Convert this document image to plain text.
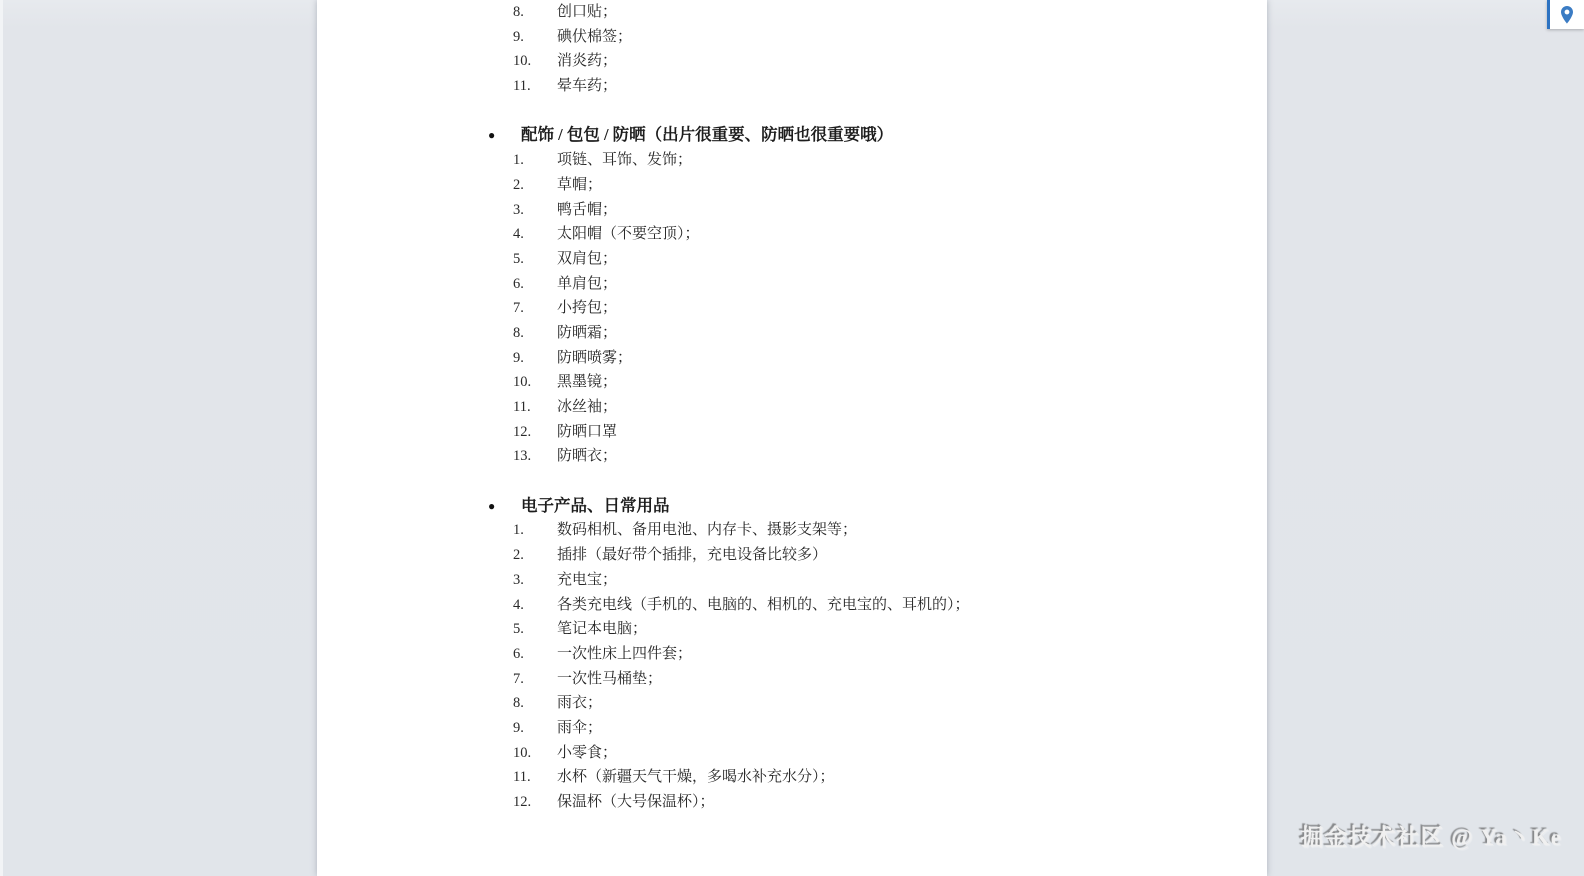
8. 创口贴；
9. 碘伏棉签；
10. 消炎药；
11. 晕车药；
●	配饰 / 包包 / 防晒（出片很重要、防晒也很重要哦）
1. 项链、耳饰、发饰；
2. 草帽；
3. 鸭舌帽；
4. 太阳帽（不要空顶）；
5. 双肩包；
6. 单肩包；
7. 小挎包；
8. 防晒霜；
9. 防晒喷雾；
10. 黑墨镜；
11. 冰丝袖；
12. 防晒口罩
13. 防晒衣；
●	电子产品、日常用品
1. 数码相机、备用电池、内存卡、摄影支架等；
2. 插排（最好带个插排，充电设备比较多）
3. 充电宝；
4. 各类充电线（手机的、电脑的、相机的、充电宝的、耳机的）；
5. 笔记本电脑；
6. 一次性床上四件套；
7. 一次性马桶垫；
8. 雨衣；
9. 雨伞；
10. 小零食；
11. 水杯（新疆天气干燥，多喝水补充水分）；
12. 保温杯（大号保温杯）；
掘金技术社区 @ Ya丶Ke
